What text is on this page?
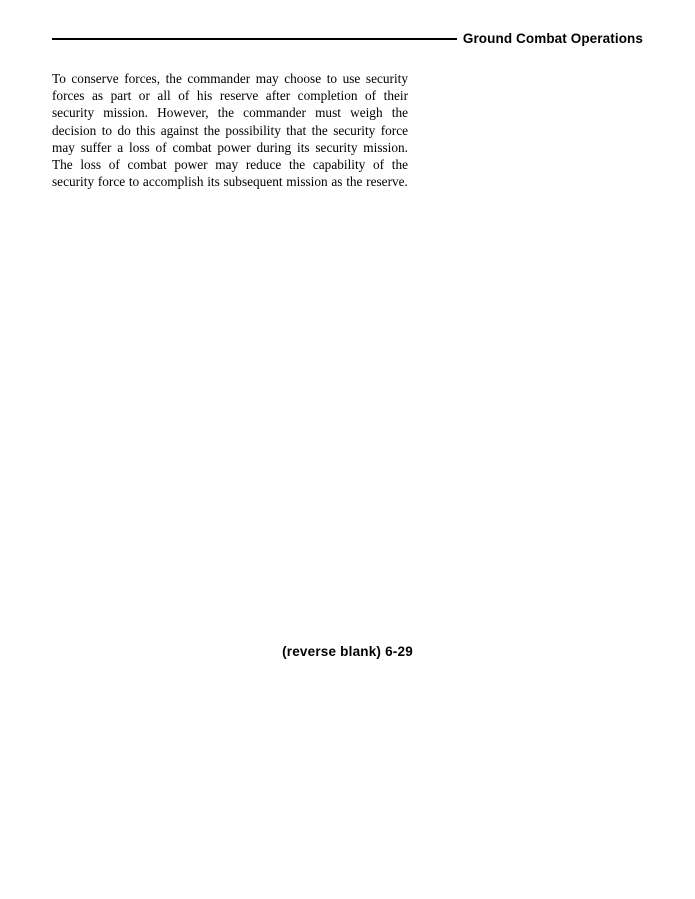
Ground Combat Operations

To conserve forces, the commander may choose to use security forces as part or all of his reserve after completion of their security mission. However, the commander must weigh the decision to do this against the possibility that the security force may suffer a loss of combat power during its security mission. The loss of combat power may reduce the capability of the security force to accomplish its subsequent mission as the reserve.

(reverse blank) 6-29
